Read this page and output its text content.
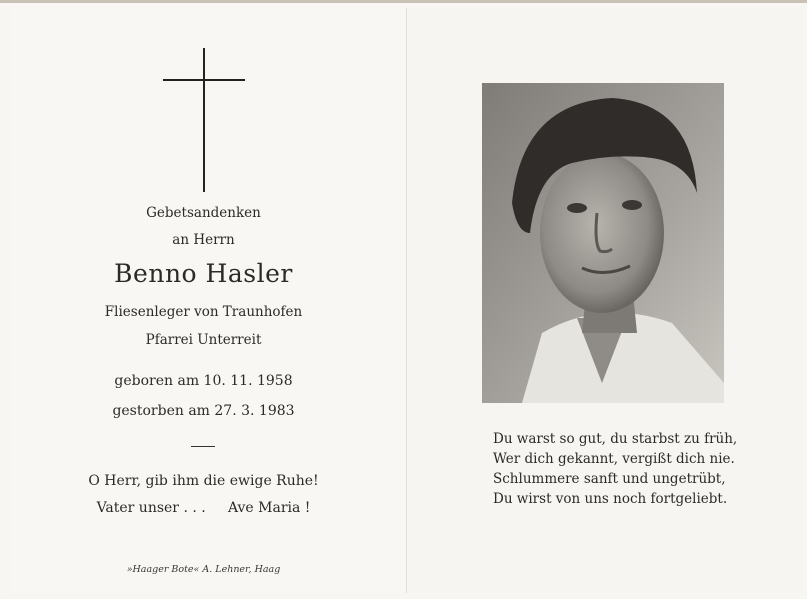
Gebetsandenken
an Herrn
Benno Hasler
Fliesenleger von Traunhofen
Pfarrei Unterreit
geboren am 10. 11. 1958
gestorben am 27. 3. 1983
O Herr, gib ihm die ewige Ruhe!
Vater unser . . .     Ave Maria !
»Haager Bote« A. Lehner, Haag
Du warst so gut, du starbst zu früh,
Wer dich gekannt, vergißt dich nie.
Schlummere sanft und ungetrübt,
Du wirst von uns noch fortgeliebt.
